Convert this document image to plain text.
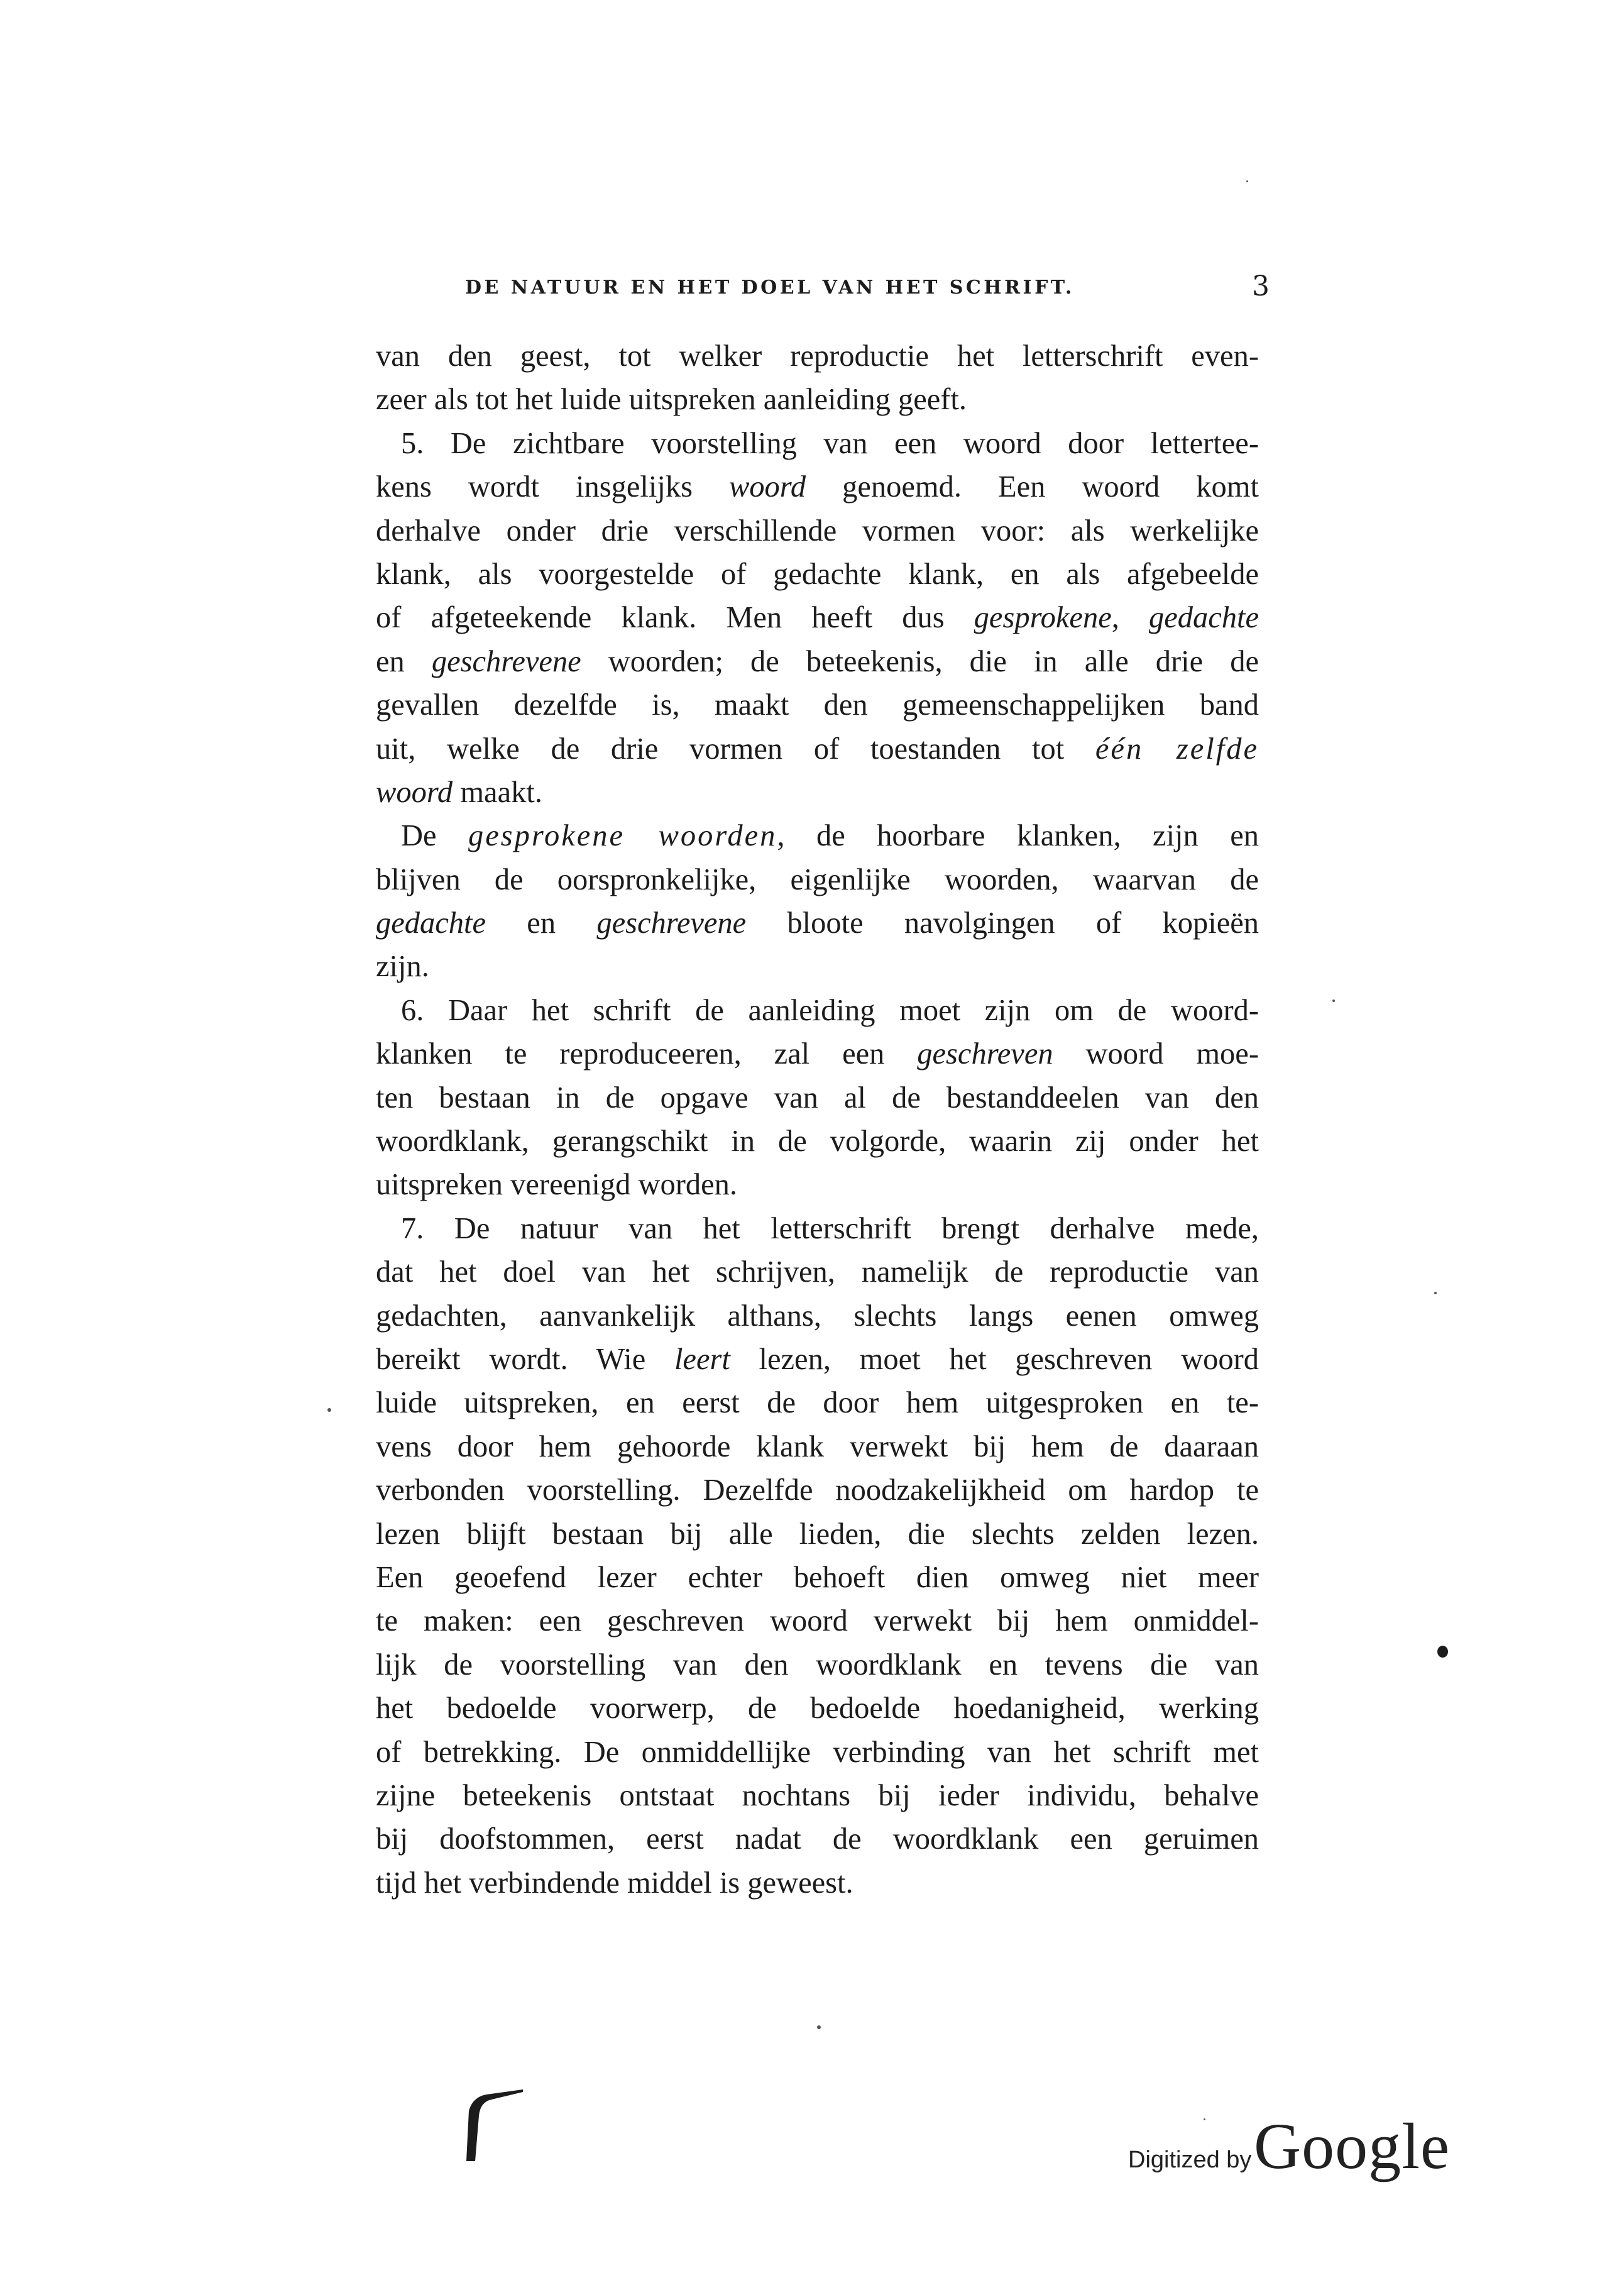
DE NATUUR EN HET DOEL VAN HET SCHRIFT.	3
van den geest, tot welker reproductie het letterschrift even-
zeer als tot het luide uitspreken aanleiding geeft.
5. De zichtbare voorstelling van een woord door letterteе-
kens wordt insgelijks woord genoemd. Een woord komt
derhalve onder drie verschillende vormen voor: als werkelijke
klank, als voorgestelde of gedachte klank, en als afgebeelde
of afgeteekende klank. Men heeft dus gesprokene, gedachte
en geschrevene woorden; de beteekenis, die in alle drie de
gevallen dezelfde is, maakt den gemeenschappelijken band
uit, welke de drie vormen of toestanden tot één zelfde
woord maakt.
De gesprokene woorden, de hoorbare klanken, zijn en
blijven de oorspronkelijke, eigenlijke woorden, waarvan de
gedachte en geschrevene bloote navolgingen of kopieën
zijn.
6. Daar het schrift de aanleiding moet zijn om de woord-
klanken te reproduceeren, zal een geschreven woord moe-
ten bestaan in de opgave van al de bestanddeelen van den
woordklank, gerangschikt in de volgorde, waarin zij onder het
uitspreken vereenigd worden.
7. De natuur van het letterschrift brengt derhalve mede,
dat het doel van het schrijven, namelijk de reproductie van
gedachten, aanvankelijk althans, slechts langs eenen omweg
bereikt wordt. Wie leert lezen, moet het geschreven woord
luide uitspreken, en eerst de door hem uitgesproken en te-
vens door hem gehoorde klank verwekt bij hem de daaraan
verbonden voorstelling. Dezelfde noodzakelijkheid om hardop te
lezen blijft bestaan bij alle lieden, die slechts zelden lezen.
Een geoefend lezer echter behoeft dien omweg niet meer
te maken: een geschreven woord verwekt bij hem onmiddel-
lijk de voorstelling van den woordklank en tevens die van
het bedoelde voorwerp, de bedoelde hoedanigheid, werking
of betrekking. De onmiddellijke verbinding van het schrift met
zijne beteekenis ontstaat nochtans bij ieder individu, behalve
bij doofstommen, eerst nadat de woordklank een geruimen
tijd het verbindende middel is geweest.
Digitized by Google
